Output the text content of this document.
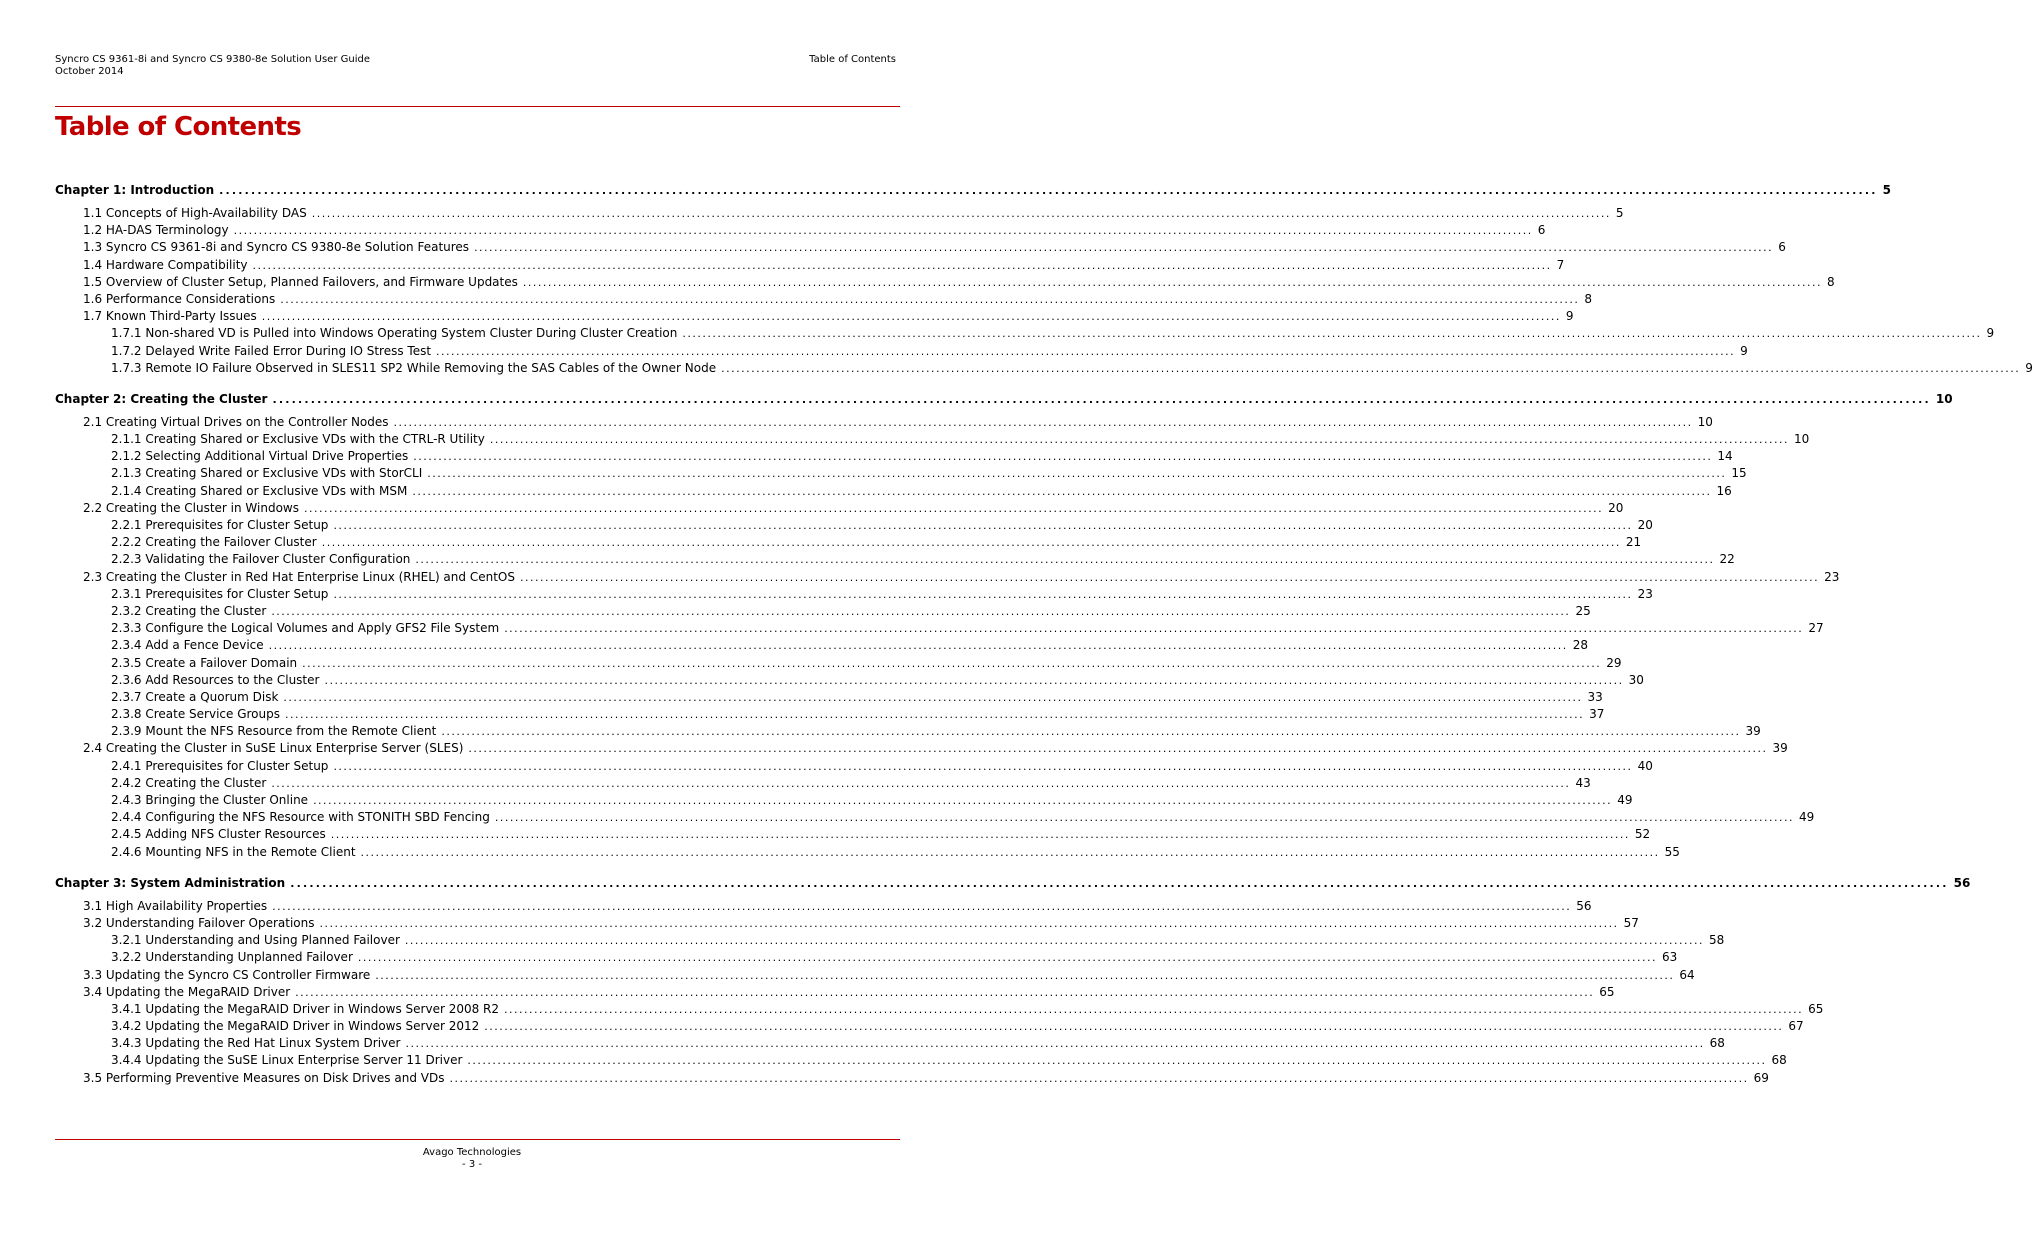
Syncro CS 9361-8i and Syncro CS 9380-8e Solution User Guide
October 2014
Table of Contents
Table of Contents
Chapter 1: Introduction .................................................................................................................................................................................................................................................................... 5
1.1 Concepts of High-Availability DAS .................................................................................................................................................................................................................................................................... 5
1.2 HA-DAS Terminology .................................................................................................................................................................................................................................................................... 6
1.3 Syncro CS 9361-8i and Syncro CS 9380-8e Solution Features .................................................................................................................................................................................................................................................................... 6
1.4 Hardware Compatibility .................................................................................................................................................................................................................................................................... 7
1.5 Overview of Cluster Setup, Planned Failovers, and Firmware Updates .................................................................................................................................................................................................................................................................... 8
1.6 Performance Considerations .................................................................................................................................................................................................................................................................... 8
1.7 Known Third-Party Issues .................................................................................................................................................................................................................................................................... 9
1.7.1 Non-shared VD is Pulled into Windows Operating System Cluster During Cluster Creation .................................................................................................................................................................................................................................................................... 9
1.7.2 Delayed Write Failed Error During IO Stress Test .................................................................................................................................................................................................................................................................... 9
1.7.3 Remote IO Failure Observed in SLES11 SP2 While Removing the SAS Cables of the Owner Node .................................................................................................................................................................................................................................................................... 9
Chapter 2: Creating the Cluster .................................................................................................................................................................................................................................................................... 10
2.1 Creating Virtual Drives on the Controller Nodes .................................................................................................................................................................................................................................................................... 10
2.1.1 Creating Shared or Exclusive VDs with the CTRL-R Utility .................................................................................................................................................................................................................................................................... 10
2.1.2 Selecting Additional Virtual Drive Properties .................................................................................................................................................................................................................................................................... 14
2.1.3 Creating Shared or Exclusive VDs with StorCLI .................................................................................................................................................................................................................................................................... 15
2.1.4 Creating Shared or Exclusive VDs with MSM .................................................................................................................................................................................................................................................................... 16
2.2 Creating the Cluster in Windows .................................................................................................................................................................................................................................................................... 20
2.2.1 Prerequisites for Cluster Setup .................................................................................................................................................................................................................................................................... 20
2.2.2 Creating the Failover Cluster .................................................................................................................................................................................................................................................................... 21
2.2.3 Validating the Failover Cluster Configuration .................................................................................................................................................................................................................................................................... 22
2.3 Creating the Cluster in Red Hat Enterprise Linux (RHEL) and CentOS .................................................................................................................................................................................................................................................................... 23
2.3.1 Prerequisites for Cluster Setup .................................................................................................................................................................................................................................................................... 23
2.3.2 Creating the Cluster .................................................................................................................................................................................................................................................................... 25
2.3.3 Configure the Logical Volumes and Apply GFS2 File System .................................................................................................................................................................................................................................................................... 27
2.3.4 Add a Fence Device .................................................................................................................................................................................................................................................................... 28
2.3.5 Create a Failover Domain .................................................................................................................................................................................................................................................................... 29
2.3.6 Add Resources to the Cluster .................................................................................................................................................................................................................................................................... 30
2.3.7 Create a Quorum Disk .................................................................................................................................................................................................................................................................... 33
2.3.8 Create Service Groups .................................................................................................................................................................................................................................................................... 37
2.3.9 Mount the NFS Resource from the Remote Client .................................................................................................................................................................................................................................................................... 39
2.4 Creating the Cluster in SuSE Linux Enterprise Server (SLES) .................................................................................................................................................................................................................................................................... 39
2.4.1 Prerequisites for Cluster Setup .................................................................................................................................................................................................................................................................... 40
2.4.2 Creating the Cluster .................................................................................................................................................................................................................................................................... 43
2.4.3 Bringing the Cluster Online .................................................................................................................................................................................................................................................................... 49
2.4.4 Configuring the NFS Resource with STONITH SBD Fencing .................................................................................................................................................................................................................................................................... 49
2.4.5 Adding NFS Cluster Resources .................................................................................................................................................................................................................................................................... 52
2.4.6 Mounting NFS in the Remote Client .................................................................................................................................................................................................................................................................... 55
Chapter 3: System Administration .................................................................................................................................................................................................................................................................... 56
3.1 High Availability Properties .................................................................................................................................................................................................................................................................... 56
3.2 Understanding Failover Operations .................................................................................................................................................................................................................................................................... 57
3.2.1 Understanding and Using Planned Failover .................................................................................................................................................................................................................................................................... 58
3.2.2 Understanding Unplanned Failover .................................................................................................................................................................................................................................................................... 63
3.3 Updating the Syncro CS Controller Firmware .................................................................................................................................................................................................................................................................... 64
3.4 Updating the MegaRAID Driver .................................................................................................................................................................................................................................................................... 65
3.4.1 Updating the MegaRAID Driver in Windows Server 2008 R2 .................................................................................................................................................................................................................................................................... 65
3.4.2 Updating the MegaRAID Driver in Windows Server 2012 .................................................................................................................................................................................................................................................................... 67
3.4.3 Updating the Red Hat Linux System Driver .................................................................................................................................................................................................................................................................... 68
3.4.4 Updating the SuSE Linux Enterprise Server 11 Driver .................................................................................................................................................................................................................................................................... 68
3.5 Performing Preventive Measures on Disk Drives and VDs .................................................................................................................................................................................................................................................................... 69
Avago Technologies
- 3 -
